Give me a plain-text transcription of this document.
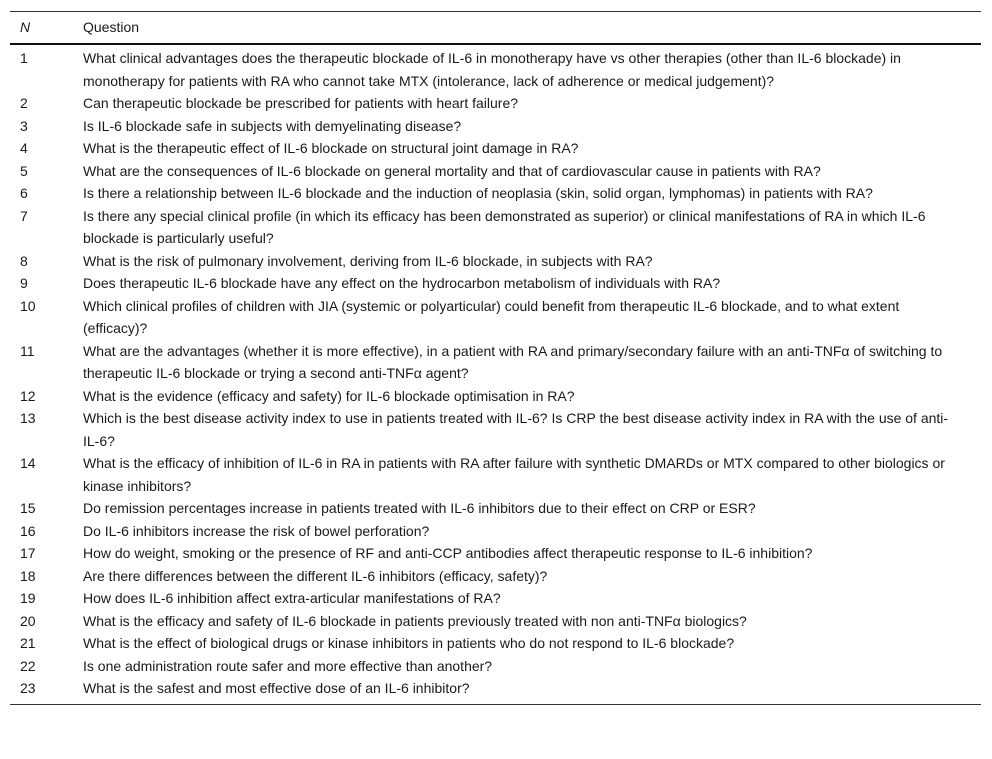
N	Question
1	What clinical advantages does the therapeutic blockade of IL-6 in monotherapy have vs other therapies (other than IL-6 blockade) in monotherapy for patients with RA who cannot take MTX (intolerance, lack of adherence or medical judgement)?
2	Can therapeutic blockade be prescribed for patients with heart failure?
3	Is IL-6 blockade safe in subjects with demyelinating disease?
4	What is the therapeutic effect of IL-6 blockade on structural joint damage in RA?
5	What are the consequences of IL-6 blockade on general mortality and that of cardiovascular cause in patients with RA?
6	Is there a relationship between IL-6 blockade and the induction of neoplasia (skin, solid organ, lymphomas) in patients with RA?
7	Is there any special clinical profile (in which its efficacy has been demonstrated as superior) or clinical manifestations of RA in which IL-6 blockade is particularly useful?
8	What is the risk of pulmonary involvement, deriving from IL-6 blockade, in subjects with RA?
9	Does therapeutic IL-6 blockade have any effect on the hydrocarbon metabolism of individuals with RA?
10	Which clinical profiles of children with JIA (systemic or polyarticular) could benefit from therapeutic IL-6 blockade, and to what extent (efficacy)?
11	What are the advantages (whether it is more effective), in a patient with RA and primary/secondary failure with an anti-TNFα of switching to therapeutic IL-6 blockade or trying a second anti-TNFα agent?
12	What is the evidence (efficacy and safety) for IL-6 blockade optimisation in RA?
13	Which is the best disease activity index to use in patients treated with IL-6? Is CRP the best disease activity index in RA with the use of anti-IL-6?
14	What is the efficacy of inhibition of IL-6 in RA in patients with RA after failure with synthetic DMARDs or MTX compared to other biologics or kinase inhibitors?
15	Do remission percentages increase in patients treated with IL-6 inhibitors due to their effect on CRP or ESR?
16	Do IL-6 inhibitors increase the risk of bowel perforation?
17	How do weight, smoking or the presence of RF and anti-CCP antibodies affect therapeutic response to IL-6 inhibition?
18	Are there differences between the different IL-6 inhibitors (efficacy, safety)?
19	How does IL-6 inhibition affect extra-articular manifestations of RA?
20	What is the efficacy and safety of IL-6 blockade in patients previously treated with non anti-TNFα biologics?
21	What is the effect of biological drugs or kinase inhibitors in patients who do not respond to IL-6 blockade?
22	Is one administration route safer and more effective than another?
23	What is the safest and most effective dose of an IL-6 inhibitor?
